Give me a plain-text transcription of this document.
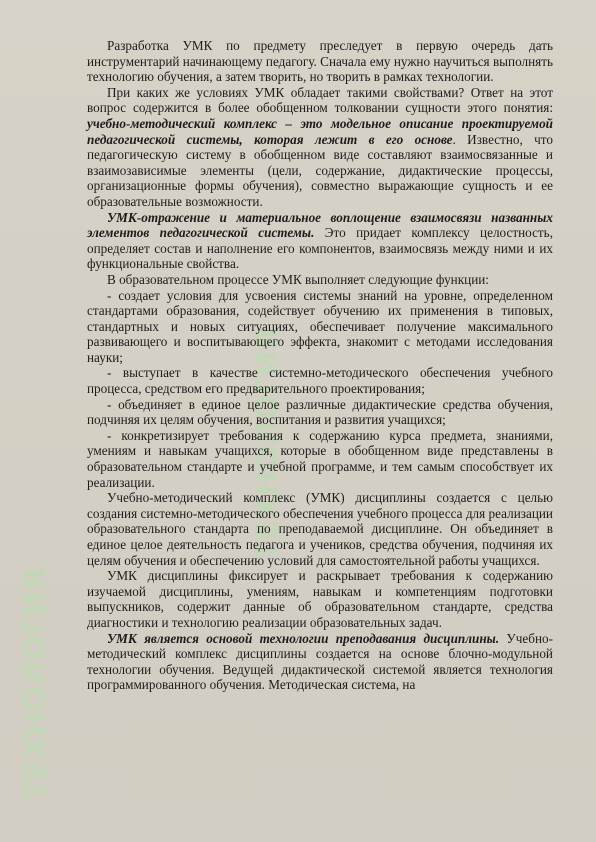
ТЕХНОЛОГИЯ
ТЕХНОЛОГИЯ

Разработка УМК по предмету преследует в первую очередь дать инструментарий начинающему педагогу. Сначала ему нужно научиться выполнять технологию обучения, а затем творить, но творить в рамках технологии.

При каких же условиях УМК обладает такими свойствами? Ответ на этот вопрос содержится в более обобщенном толковании сущности этого понятия: учебно-методический комплекс – это модельное описание проектируемой педагогической системы, которая лежит в его основе. Известно, что педагогическую систему в обобщенном виде составляют взаимосвязанные и взаимозависимые элементы (цели, содержание, дидактические процессы, организационные формы обучения), совместно выражающие сущность и ее образовательные возможности.

УМК-отражение и материальное воплощение взаимосвязи названных элементов педагогической системы. Это придает комплексу целостность, определяет состав и наполнение его компонентов, взаимосвязь между ними и их функциональные свойства.

В образовательном процессе УМК выполняет следующие функции:

- создает условия для усвоения системы знаний на уровне, определенном стандартами образования, содействует обучению их применения в типовых, стандартных и новых ситуациях, обеспечивает получение максимального развивающего и воспитывающего эффекта, знакомит с методами исследования науки;

- выступает в качестве системно-методического обеспечения учебного процесса, средством его предварительного проектирования;

- объединяет в единое целое различные дидактические средства обучения, подчиняя их целям обучения, воспитания и развития учащихся;

- конкретизирует требования к содержанию курса предмета, знаниями, умениям и навыкам учащихся, которые в обобщенном виде представлены в образовательном стандарте и учебной программе, и тем самым способствует их реализации.

Учебно-методический комплекс (УМК) дисциплины создается с целью создания системно-методического обеспечения учебного процесса для реализации образовательного стандарта по преподаваемой дисциплине. Он объединяет в единое целое деятельность педагога и учеников, средства обучения, подчиняя их целям обучения и обеспечению условий для самостоятельной работы учащихся.

УМК дисциплины фиксирует и раскрывает требования к содержанию изучаемой дисциплины, умениям, навыкам и компетенциям подготовки выпускников, содержит данные об образовательном стандарте, средства диагностики и технологию реализации образовательных задач.

УМК является основой технологии преподавания дисциплины. Учебно-методический комплекс дисциплины создается на основе блочно-модульной технологии обучения. Ведущей дидактической системой является технология программированного обучения. Методическая система, на
